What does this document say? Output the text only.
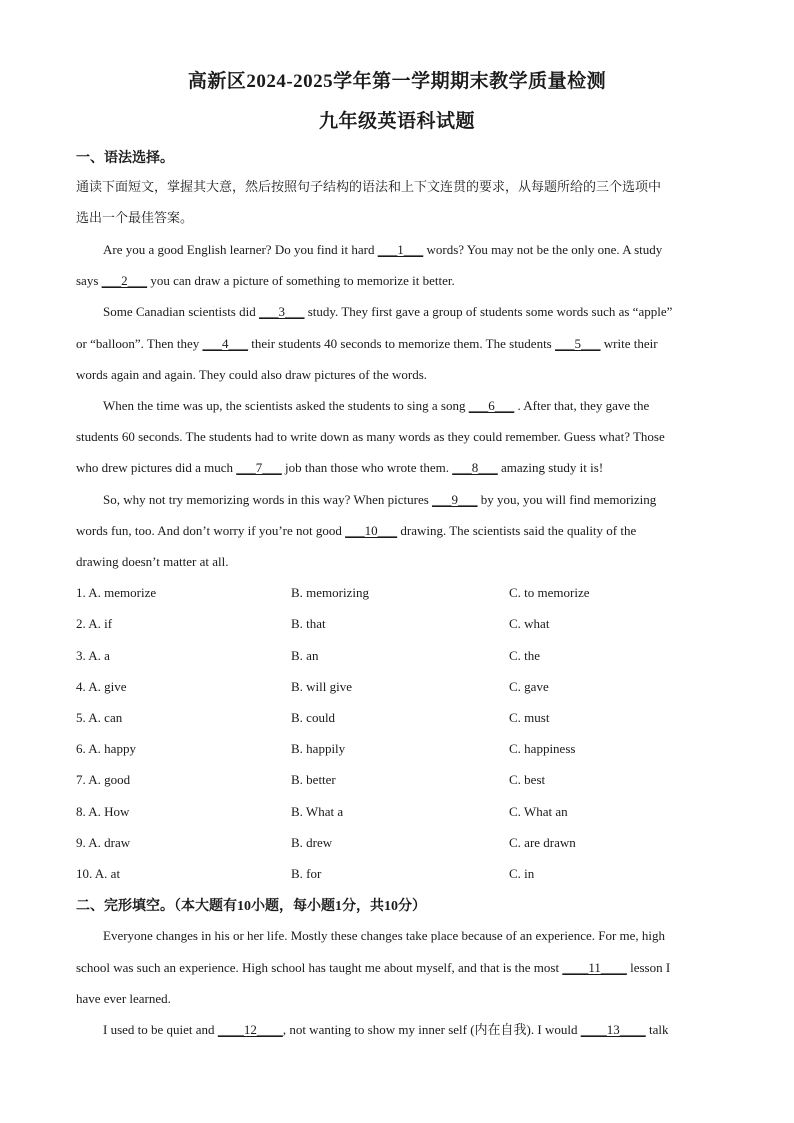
高新区2024-2025学年第一学期期末教学质量检测
九年级英语科试题
一、语法选择。
通读下面短文，掌握其大意，然后按照句子结构的语法和上下文连贯的要求，从每题所给的三个选项中
选出一个最佳答案。
Are you a good English learner? Do you find it hard ___1___ words? You may not be the only one. A study
says ___2___ you can draw a picture of something to memorize it better.
Some Canadian scientists did ___3___ study. They first gave a group of students some words such as “apple”
or “balloon”. Then they ___4___ their students 40 seconds to memorize them. The students ___5___ write their
words again and again. They could also draw pictures of the words.
When the time was up, the scientists asked the students to sing a song ___6___ . After that, they gave the
students 60 seconds. The students had to write down as many words as they could remember. Guess what? Those
who drew pictures did a much ___7___ job than those who wrote them. ___8___ amazing study it is!
So, why not try memorizing words in this way? When pictures ___9___ by you, you will find memorizing
words fun, too. And don’t worry if you’re not good ___10___ drawing. The scientists said the quality of the
drawing doesn’t matter at all.
1. A. memorize	B. memorizing	C. to memorize
2. A. if	B. that	C. what
3. A. a	B. an	C. the
4. A. give	B. will give	C. gave
5. A. can	B. could	C. must
6. A. happy	B. happily	C. happiness
7. A. good	B. better	C. best
8. A. How	B. What a	C. What an
9. A. draw	B. drew	C. are drawn
10. A. at	B. for	C. in
二、完形填空。（本大题有10小题，每小题1分，共10分）
Everyone changes in his or her life. Mostly these changes take place because of an experience. For me, high
school was such an experience. High school has taught me about myself, and that is the most ____11____ lesson I
have ever learned.
I used to be quiet and ____12____, not wanting to show my inner self (内在自我). I would ____13____ talk
